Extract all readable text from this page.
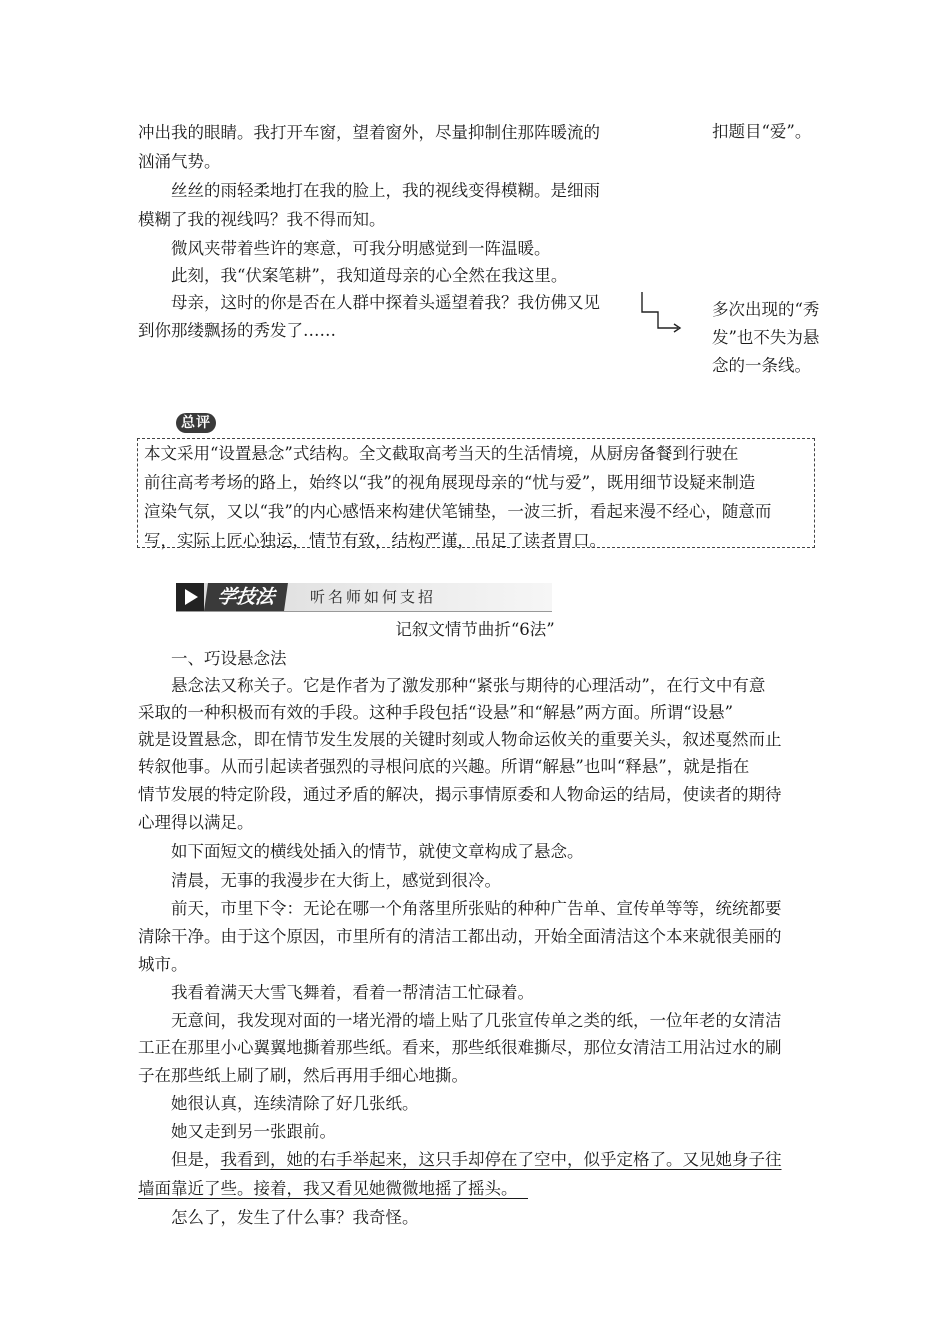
冲出我的眼睛。我打开车窗，望着窗外，尽量抑制住那阵暖流的

汹涌气势。

丝丝的雨轻柔地打在我的脸上，我的视线变得模糊。是细雨

模糊了我的视线吗？我不得而知。

微风夹带着些许的寒意，可我分明感觉到一阵温暖。

此刻，我“伏案笔耕”，我知道母亲的心全然在我这里。

母亲，这时的你是否在人群中探着头遥望着我？我仿佛又见

到你那缕飘扬的秀发了……

扣题目“爱”。
多次出现的“秀
发”也不失为悬
念的一条线。
总评

本文采用“设置悬念”式结构。全文截取高考当天的生活情境，从厨房备餐到行驶在

前往高考考场的路上，始终以“我”的视角展现母亲的“忧与爱”，既用细节设疑来制造

渲染气氛，又以“我”的内心感悟来构建伏笔铺垫，一波三折，看起来漫不经心，随意而

写，实际上匠心独运，情节有致，结构严谨，吊足了读者胃口。

学技法	听名师如何支招
记叙文情节曲折“6法”

一、巧设悬念法

悬念法又称关子。它是作者为了激发那种“紧张与期待的心理活动”，在行文中有意

采取的一种积极而有效的手段。这种手段包括“设悬”和“解悬”两方面。所谓“设悬”

就是设置悬念，即在情节发生发展的关键时刻或人物命运攸关的重要关头，叙述戛然而止

转叙他事。从而引起读者强烈的寻根问底的兴趣。所谓“解悬”也叫“释悬”，就是指在

情节发展的特定阶段，通过矛盾的解决，揭示事情原委和人物命运的结局，使读者的期待

心理得以满足。

如下面短文的横线处插入的情节，就使文章构成了悬念。

清晨，无事的我漫步在大街上，感觉到很冷。

前天，市里下令：无论在哪一个角落里所张贴的种种广告单、宣传单等等，统统都要

清除干净。由于这个原因，市里所有的清洁工都出动，开始全面清洁这个本来就很美丽的

城市。

我看着满天大雪飞舞着，看着一帮清洁工忙碌着。

无意间，我发现对面的一堵光滑的墙上贴了几张宣传单之类的纸，一位年老的女清洁

工正在那里小心翼翼地撕着那些纸。看来，那些纸很难撕尽，那位女清洁工用沾过水的刷

子在那些纸上刷了刷，然后再用手细心地撕。

她很认真，连续清除了好几张纸。

她又走到另一张跟前。

但是，我看到，她的右手举起来，这只手却停在了空中，似乎定格了。又见她身子往

墙面靠近了些。接着，我又看见她微微地摇了摇头。

怎么了，发生了什么事？我奇怪。
